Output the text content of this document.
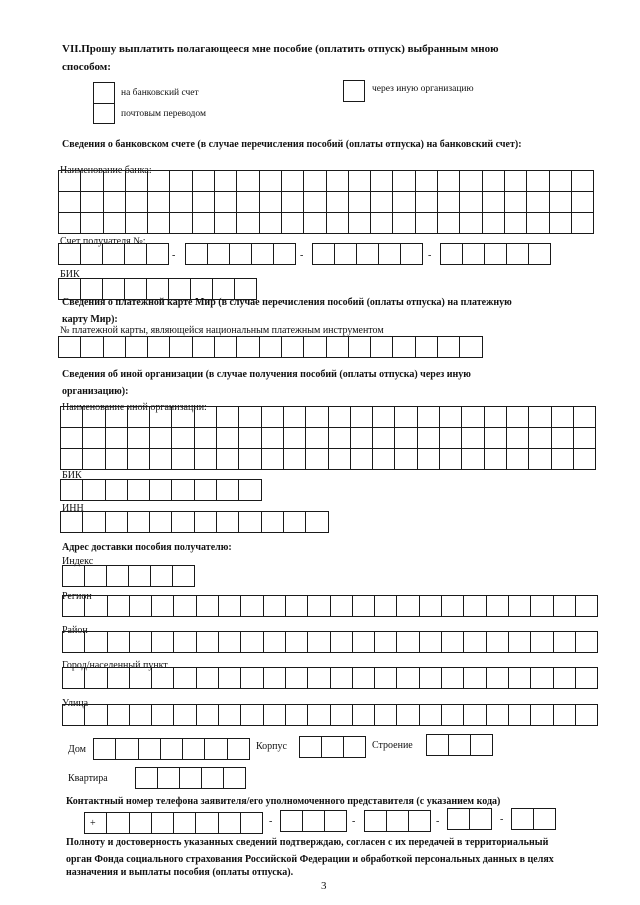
VII.Прошу выплатить полагающееся мне пособие (оплатить отпуск) выбранным мною
способом:
на банковский счет
почтовым переводом
через иную организацию
Сведения о банковском счете (в случае перечисления пособий (оплаты отпуска) на банковский счет):
Наименование банка:

Счет получателя №:

-
					-
					-

БИК

Сведения о платежной карте Мир (в случае перечисления пособий (оплаты отпуска) на платежную
карту Мир):
№ платежной карты, являющейся национальным платежным инструментом

Сведения об иной организации (в случае получения пособий (оплаты отпуска) через иную
организацию):
Наименование иной организации:

БИК

ИНН

Адрес доставки пособия получателю:
Индекс

Регион

Район

Город/населенный пункт

Улица

Дом
							Корпус
			Строение

Квартира

Контактный номер телефона заявителя/его уполномоченного представителя (с указанием кода)

+	-
			-
			-
		-

Полноту и достоверность указанных сведений подтверждаю, согласен с их передачей в территориальный
орган Фонда социального страхования Российской Федерации и обработкой персональных данных в целях
назначения и выплаты пособия (оплаты отпуска).
3
